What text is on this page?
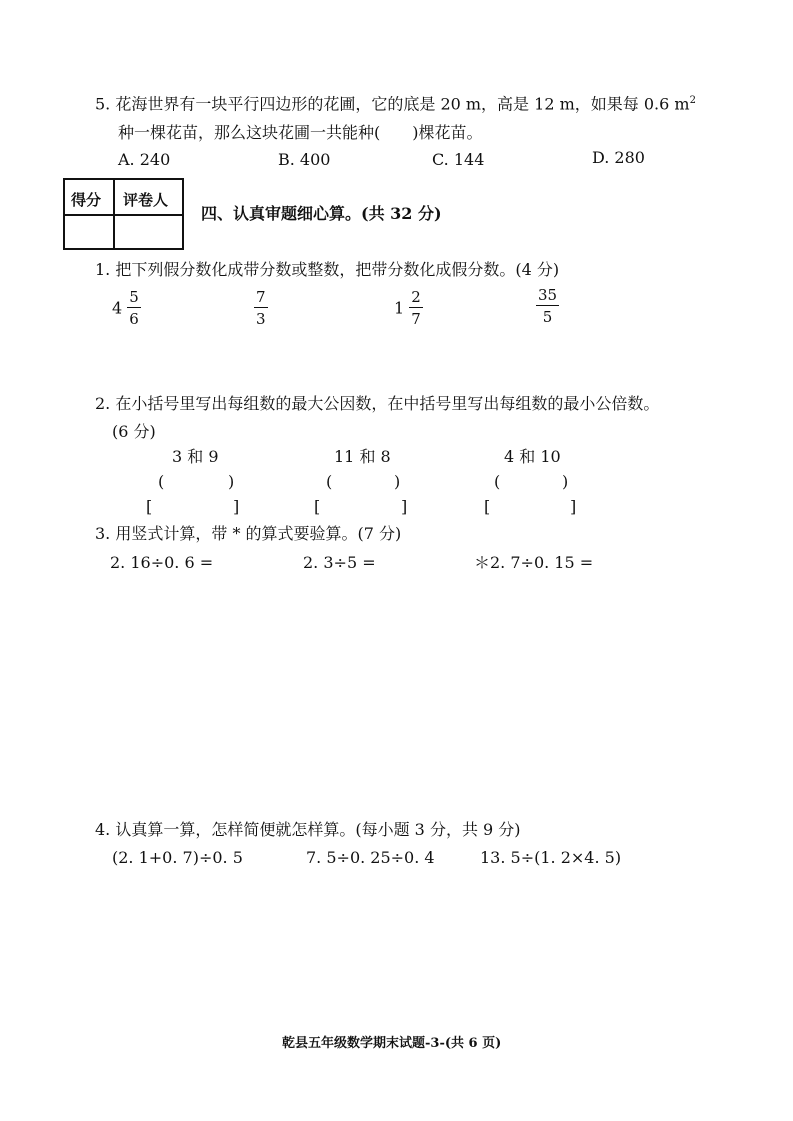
5. 花海世界有一块平行四边形的花圃，它的底是 20 m，高是 12 m，如果每 0.6 $m^2$
种一棵花苗，那么这块花圃一共能种(　　)棵花苗。
A. 240	B. 400	C. 144	D. 280
得分 评卷人
四、认真审题细心算。(共 32 分)
1. 把下列假分数化成带分数或整数，把带分数化成假分数。(4 分)
$4 \frac{5}{6}$	$\frac{7}{3}$	$1 \frac{2}{7}$	$\frac{35}{5}$
2. 在小括号里写出每组数的最大公因数，在中括号里写出每组数的最小公倍数。
(6 分)
3 和 9	11 和 8	4 和 10
(	)	(	)	(	)
[	]	[	]	[	]
3. 用竖式计算，带 * 的算式要验算。(7 分)
2. 16÷0. 6 =	2. 3÷5 =	＊2. 7÷0. 15 =
4. 认真算一算，怎样简便就怎样算。(每小题 3 分，共 9 分)
(2. 1+0. 7)÷0. 5	7. 5÷0. 25÷0. 4	13. 5÷(1. 2×4. 5)
乾县五年级数学期末试题-3-(共 6 页)
